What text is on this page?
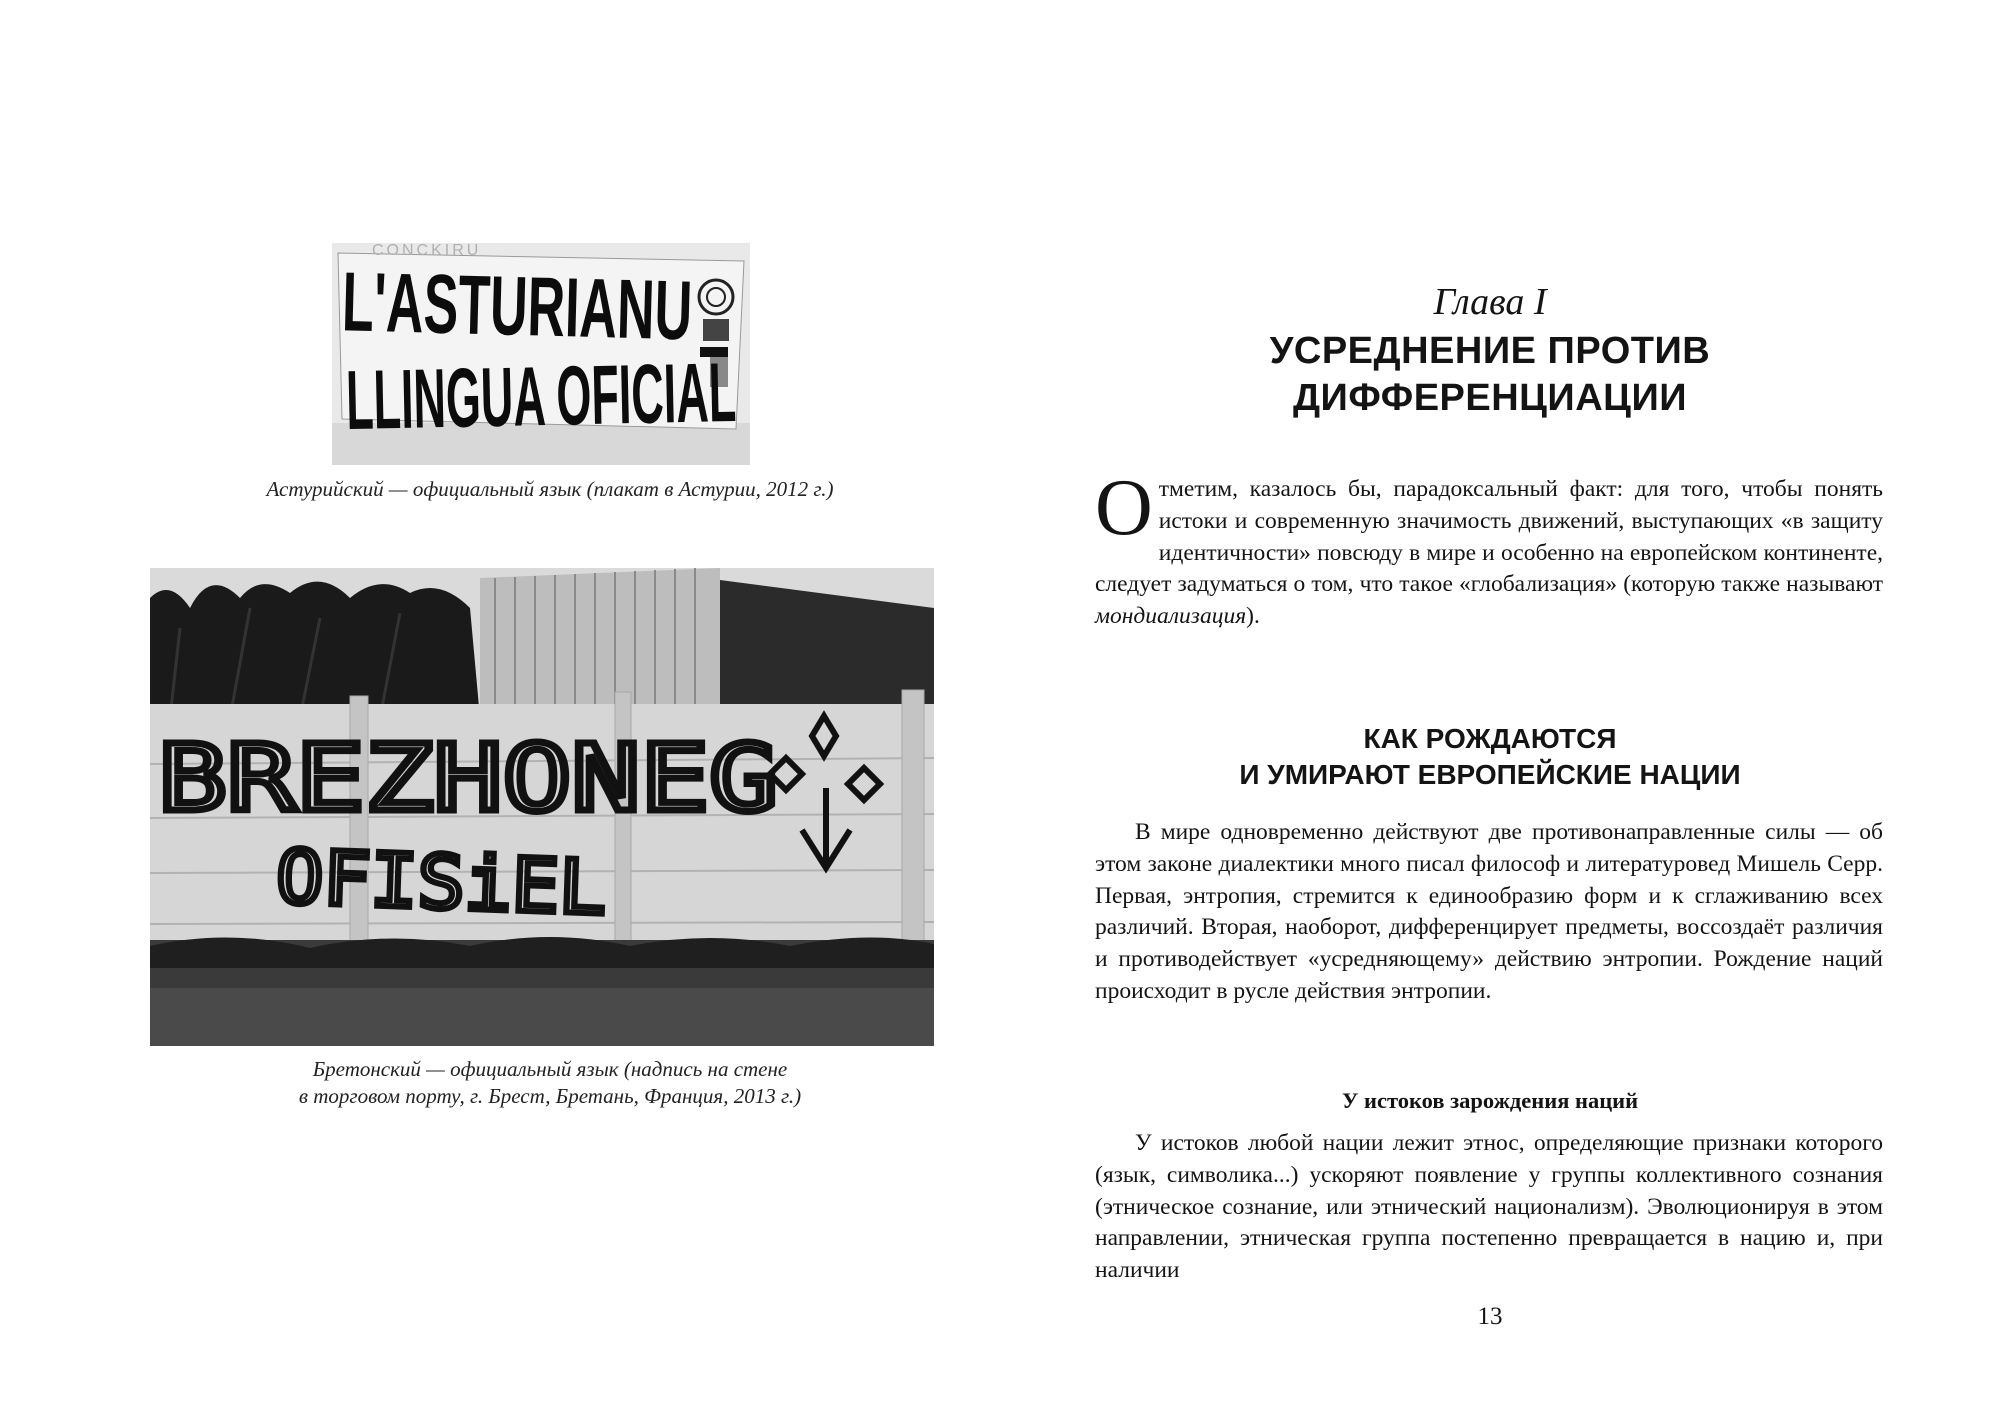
CONCKIRU
L'ASTURIANU
LLINGUA OFICIAL
Астурийский — официальный язык (плакат в Астурии, 2012 г.)
BREZHONEG
OFISiEL
Бретонский — официальный язык (надпись на стене
в торговом порту, г. Брест, Бретань, Франция, 2013 г.)
Глава I
УСРЕДНЕНИЕ ПРОТИВ
ДИФФЕРЕНЦИАЦИИ

Отметим, казалось бы, парадоксальный факт: для того, чтобы понять истоки и современную значимость движений, выступающих «в защиту идентичности» повсюду в мире и особенно на европейском континенте, следует задуматься о том, что такое «глобализация» (которую также называют мондиализация).

КАК РОЖДАЮТСЯ
И УМИРАЮТ ЕВРОПЕЙСКИЕ НАЦИИ

В мире одновременно действуют две противонаправленные силы — об этом законе диалектики много писал философ и литературовед Мишель Серр. Первая, энтропия, стремится к единообразию форм и к сглаживанию всех различий. Вторая, наоборот, дифференцирует предметы, воссоздаёт различия и противодействует «усредняющему» действию энтропии. Рождение наций происходит в русле действия энтропии.

У истоков зарождения наций

У истоков любой нации лежит этнос, определяющие признаки которого (язык, символика...) ускоряют появление у группы коллективного сознания (этническое сознание, или этнический национализм). Эволюционируя в этом направлении, этническая группа постепенно превращается в нацию и, при наличии

13
